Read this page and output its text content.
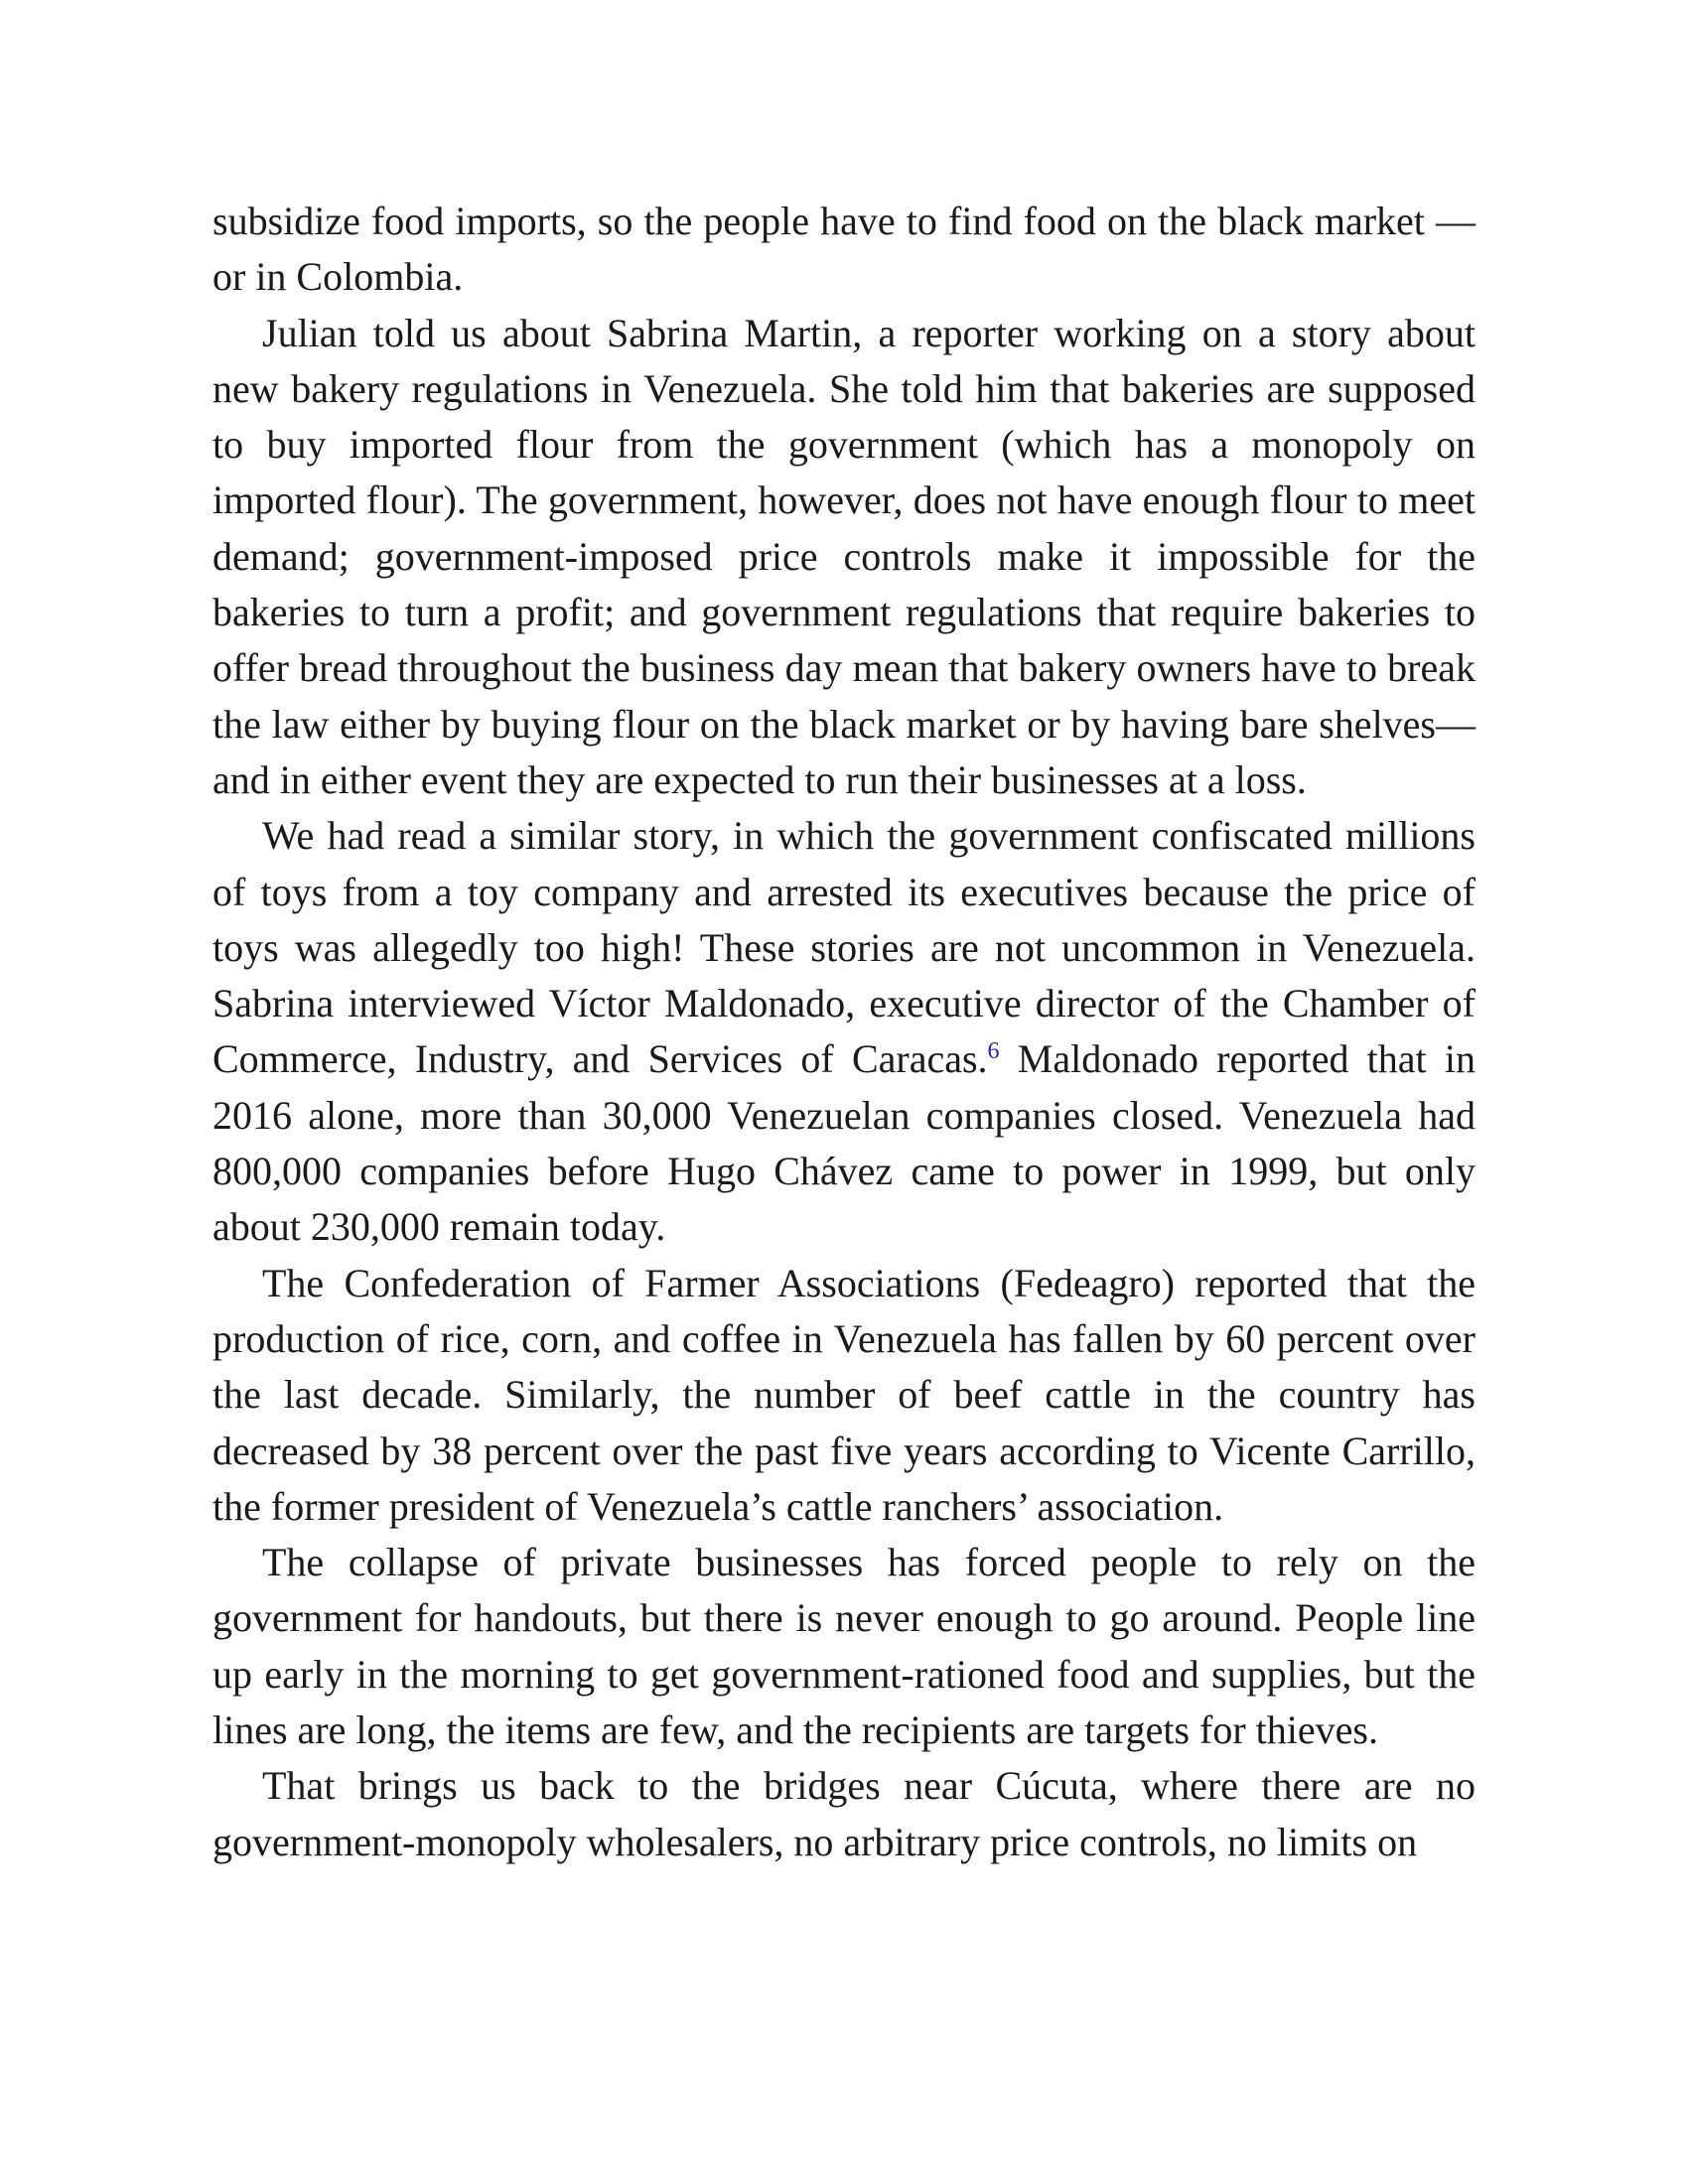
subsidize food imports, so the people have to find food on the black market —or in Colombia.

Julian told us about Sabrina Martin, a reporter working on a story about new bakery regulations in Venezuela. She told him that bakeries are supposed to buy imported flour from the government (which has a monopoly on imported flour). The government, however, does not have enough flour to meet demand; government-imposed price controls make it impossible for the bakeries to turn a profit; and government regulations that require bakeries to offer bread throughout the business day mean that bakery owners have to break the law either by buying flour on the black market or by having bare shelves—and in either event they are expected to run their businesses at a loss.

We had read a similar story, in which the government confiscated millions of toys from a toy company and arrested its executives because the price of toys was allegedly too high! These stories are not uncommon in Venezuela. Sabrina interviewed Víctor Maldonado, executive director of the Chamber of Commerce, Industry, and Services of Caracas.$^6$ Maldonado reported that in 2016 alone, more than 30,000 Venezuelan companies closed. Venezuela had 800,000 companies before Hugo Chávez came to power in 1999, but only about 230,000 remain today.

The Confederation of Farmer Associations (Fedeagro) reported that the production of rice, corn, and coffee in Venezuela has fallen by 60 percent over the last decade. Similarly, the number of beef cattle in the country has decreased by 38 percent over the past five years according to Vicente Carrillo, the former president of Venezuela’s cattle ranchers’ association.

The collapse of private businesses has forced people to rely on the government for handouts, but there is never enough to go around. People line up early in the morning to get government-rationed food and supplies, but the lines are long, the items are few, and the recipients are targets for thieves.

That brings us back to the bridges near Cúcuta, where there are no government-monopoly wholesalers, no arbitrary price controls, no limits on
